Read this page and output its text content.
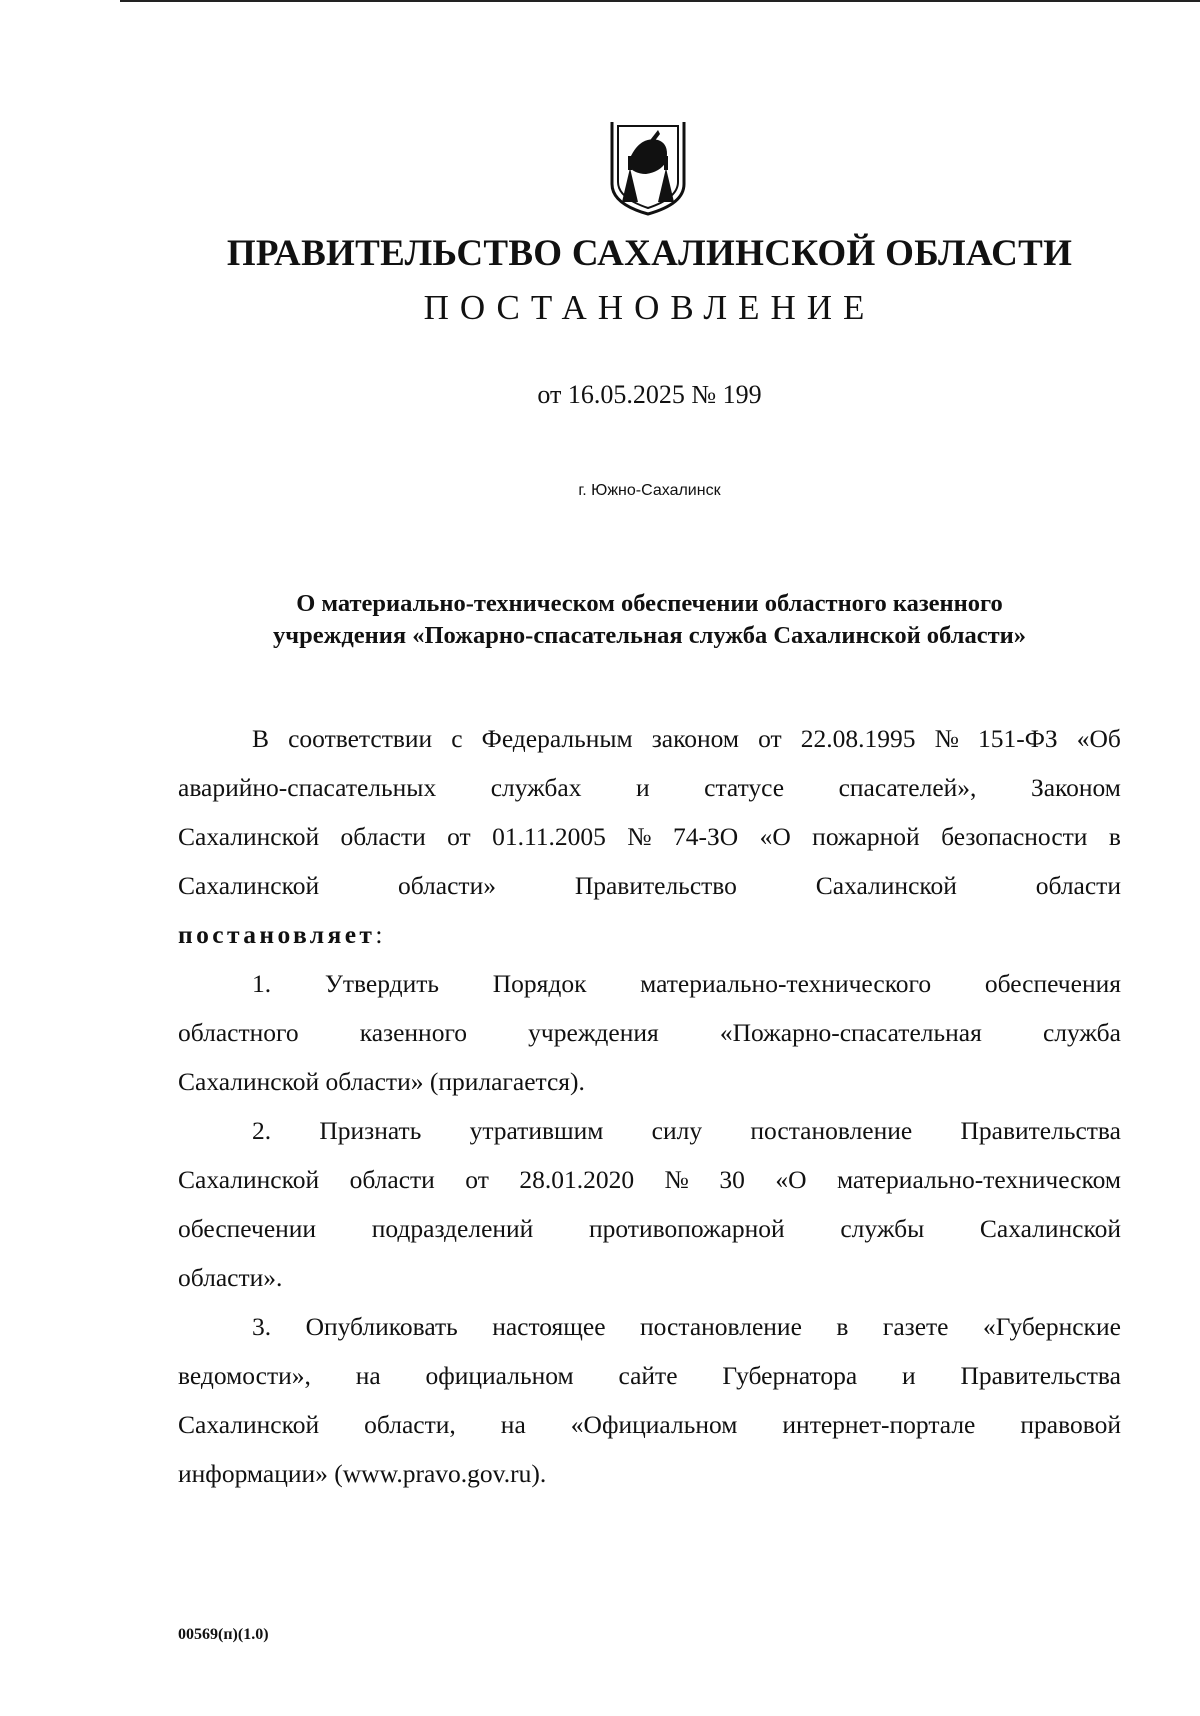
ПРАВИТЕЛЬСТВО САХАЛИНСКОЙ ОБЛАСТИ
ПОСТАНОВЛЕНИЕ
от 16.05.2025 № 199
г. Южно-Сахалинск
О материально-техническом обеспечении областного казенного
учреждения «Пожарно-спасательная служба Сахалинской области»
В соответствии с Федеральным законом от 22.08.1995 № 151-ФЗ «Об
аварийно-спасательных службах и статусе спасателей», Законом
Сахалинской области от 01.11.2005 № 74-ЗО «О пожарной безопасности в
Сахалинской	области»	Правительство	Сахалинской	области
постановляет :
1. Утвердить Порядок материально-технического обеспечения
областного казенного учреждения «Пожарно-спасательная служба
Сахалинской области» (прилагается).
2. Признать утратившим силу постановление Правительства
Сахалинской области от 28.01.2020 № 30 «О материально-техническом
обеспечении подразделений противопожарной службы Сахалинской
области».
3. Опубликовать настоящее постановление в газете «Губернские
ведомости», на официальном сайте Губернатора и Правительства
Сахалинской области, на «Официальном интернет-портале правовой
информации» (www.pravo.gov.ru).
00569(п)(1.0)
